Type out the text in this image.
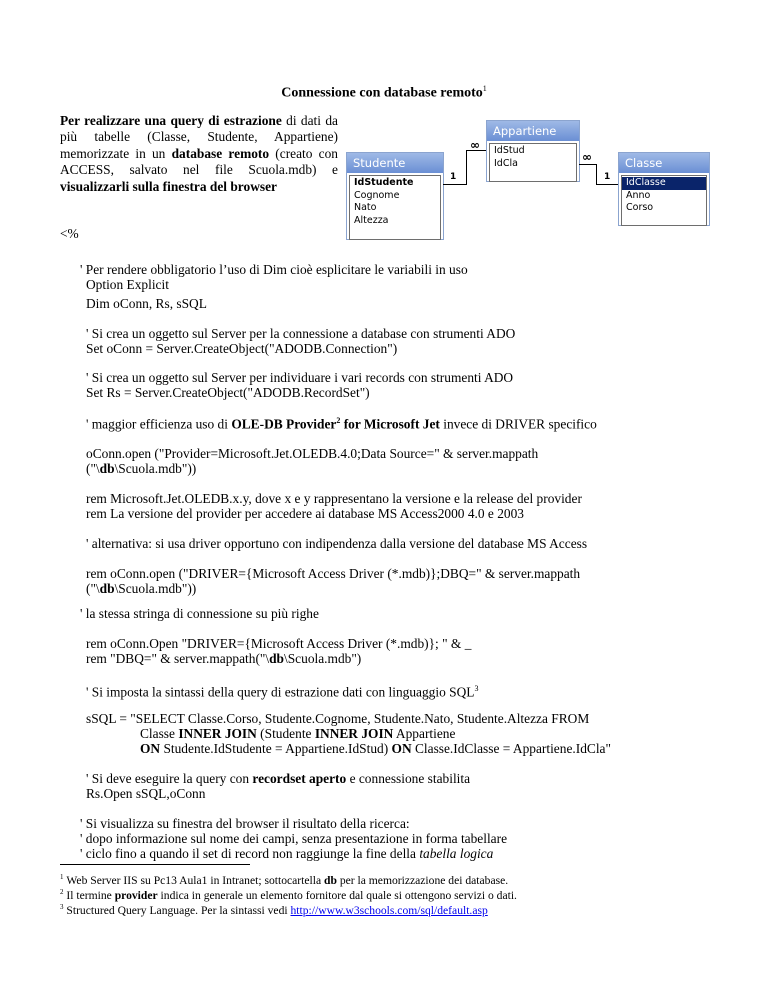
Connessione con database remoto$^1$
Per realizzare una query di estrazione di dati da più tabelle (Classe, Studente, Appartiene) memorizzate in un database remoto (creato con ACCESS, salvato nel file Scuola.mdb) e visualizzarli sulla finestra del browser
Studente
IdStudente
Cognome
Nato
Altezza
Appartiene
IdStud
IdCla	Classe
IdClasse
Anno
Corso
1
∞
∞
1
<%
' Per rendere obbligatorio l’uso di Dim cioè esplicitare le variabili in uso
Option Explicit
Dim oConn, Rs, sSQL
' Si crea un oggetto sul Server per la connessione a database con strumenti ADO
Set oConn = Server.CreateObject("ADODB.Connection")
' Si crea un oggetto sul Server per individuare i vari records con strumenti ADO
Set Rs = Server.CreateObject("ADODB.RecordSet")
' maggior efficienza uso di OLE-DB Provider$^2$ for Microsoft Jet invece di DRIVER specifico
oConn.open ("Provider=Microsoft.Jet.OLEDB.4.0;Data Source=" & server.mappath
("\db\Scuola.mdb"))
rem Microsoft.Jet.OLEDB.x.y, dove x e y rappresentano la versione e la release del provider
rem La versione del provider per accedere ai database MS Access2000 4.0 e 2003
' alternativa: si usa driver opportuno con indipendenza dalla versione del database MS Access
rem oConn.open ("DRIVER={Microsoft Access Driver (*.mdb)};DBQ=" & server.mappath
("\db\Scuola.mdb"))
' la stessa stringa di connessione su più righe
rem oConn.Open "DRIVER={Microsoft Access Driver (*.mdb)}; " & _
rem "DBQ=" & server.mappath("\db\Scuola.mdb")
' Si imposta la sintassi della query di estrazione dati con linguaggio SQL$^3$
sSQL = "SELECT Classe.Corso, Studente.Cognome, Studente.Nato, Studente.Altezza FROM
Classe INNER JOIN (Studente INNER JOIN Appartiene
ON Studente.IdStudente = Appartiene.IdStud) ON Classe.IdClasse = Appartiene.IdCla"
' Si deve eseguire la query con recordset aperto e connessione stabilita
Rs.Open sSQL,oConn
' Si visualizza su finestra del browser il risultato della ricerca:
' dopo informazione sul nome dei campi, senza presentazione in forma tabellare
' ciclo fino a quando il set di record non raggiunge la fine della tabella logica
$^1$ Web Server IIS su Pc13 Aula1 in Intranet; sottocartella db per la memorizzazione dei database.
$^2$ Il termine provider indica in generale un elemento fornitore dal quale si ottengono servizi o dati.
$^3$ Structured Query Language. Per la sintassi vedi http://www.w3schools.com/sql/default.asp
